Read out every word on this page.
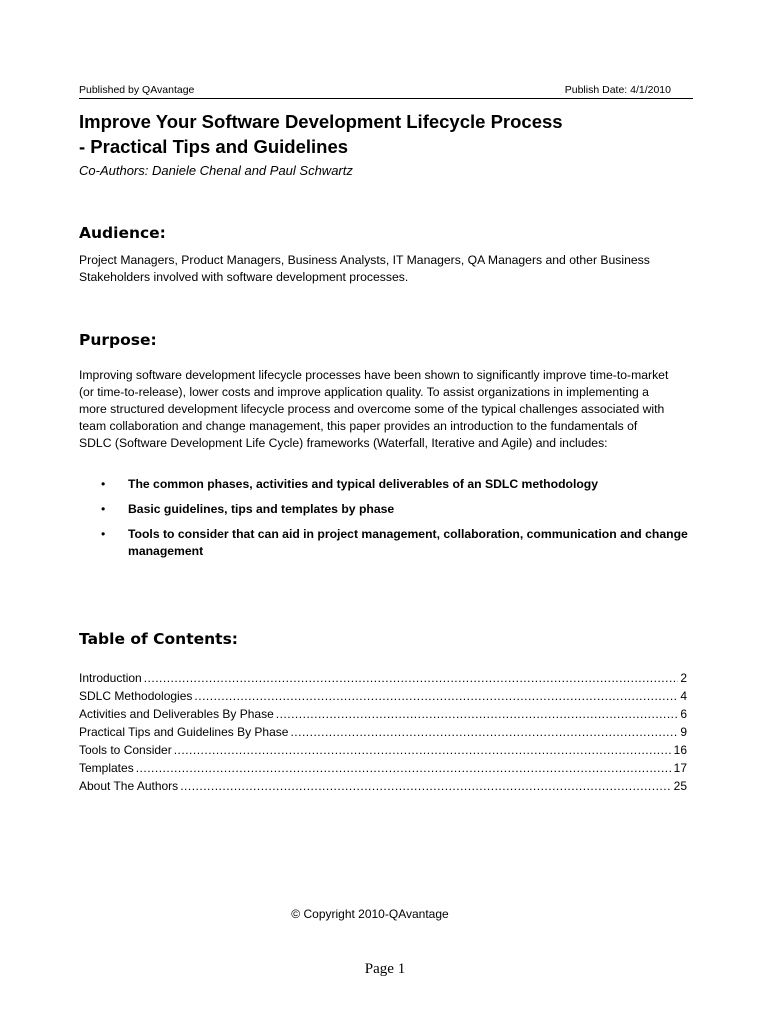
Published by QAvantage	Publish Date: 4/1/2010
Improve Your Software Development Lifecycle Process
- Practical Tips and Guidelines
Co-Authors: Daniele Chenal and Paul Schwartz
Audience:

Project Managers, Product Managers, Business Analysts, IT Managers, QA Managers and other Business
Stakeholders involved with software development processes.

Purpose:

Improving software development lifecycle processes have been shown to significantly improve time-to-market
(or time-to-release), lower costs and improve application quality. To assist organizations in implementing a
more structured development lifecycle process and overcome some of the typical challenges associated with
team collaboration and change management, this paper provides an introduction to the fundamentals of
SDLC (Software Development Life Cycle) frameworks (Waterfall, Iterative and Agile) and includes:

• The common phases, activities and typical deliverables of an SDLC methodology
• Basic guidelines, tips and templates by phase
• Tools to consider that can aid in project management, collaboration, communication and change management
Table of Contents:
Introduction .....	2
SDLC Methodologies .....	4
Activities and Deliverables By Phase .....	6
Practical Tips and Guidelines By Phase .....	9
Tools to Consider .....	16
Templates .....	17
About The Authors .....	25
© Copyright 2010-QAvantage
Page 1
